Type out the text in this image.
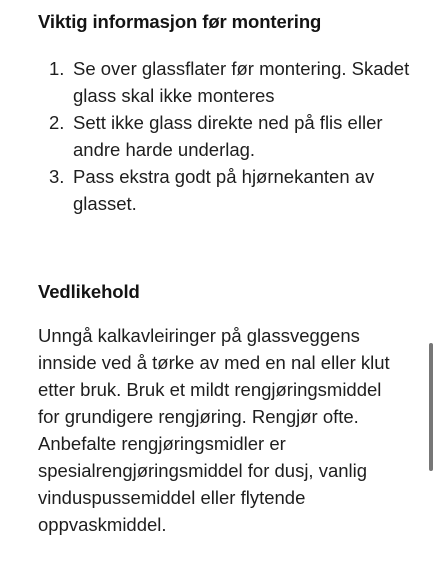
Viktig informasjon før montering
1. Se over glassflater før montering. Skadet glass skal ikke monteres
2. Sett ikke glass direkte ned på flis eller andre harde underlag.
3. Pass ekstra godt på hjørnekanten av glasset.
Vedlikehold

Unngå kalkavleiringer på glassveggens innside ved å tørke av med en nal eller klut etter bruk. Bruk et mildt rengjøringsmiddel for grundigere rengjøring. Rengjør ofte. Anbefalte rengjøringsmidler er spesialrengjøringsmiddel for dusj, vanlig vinduspussemiddel eller flytende oppvaskmiddel.
